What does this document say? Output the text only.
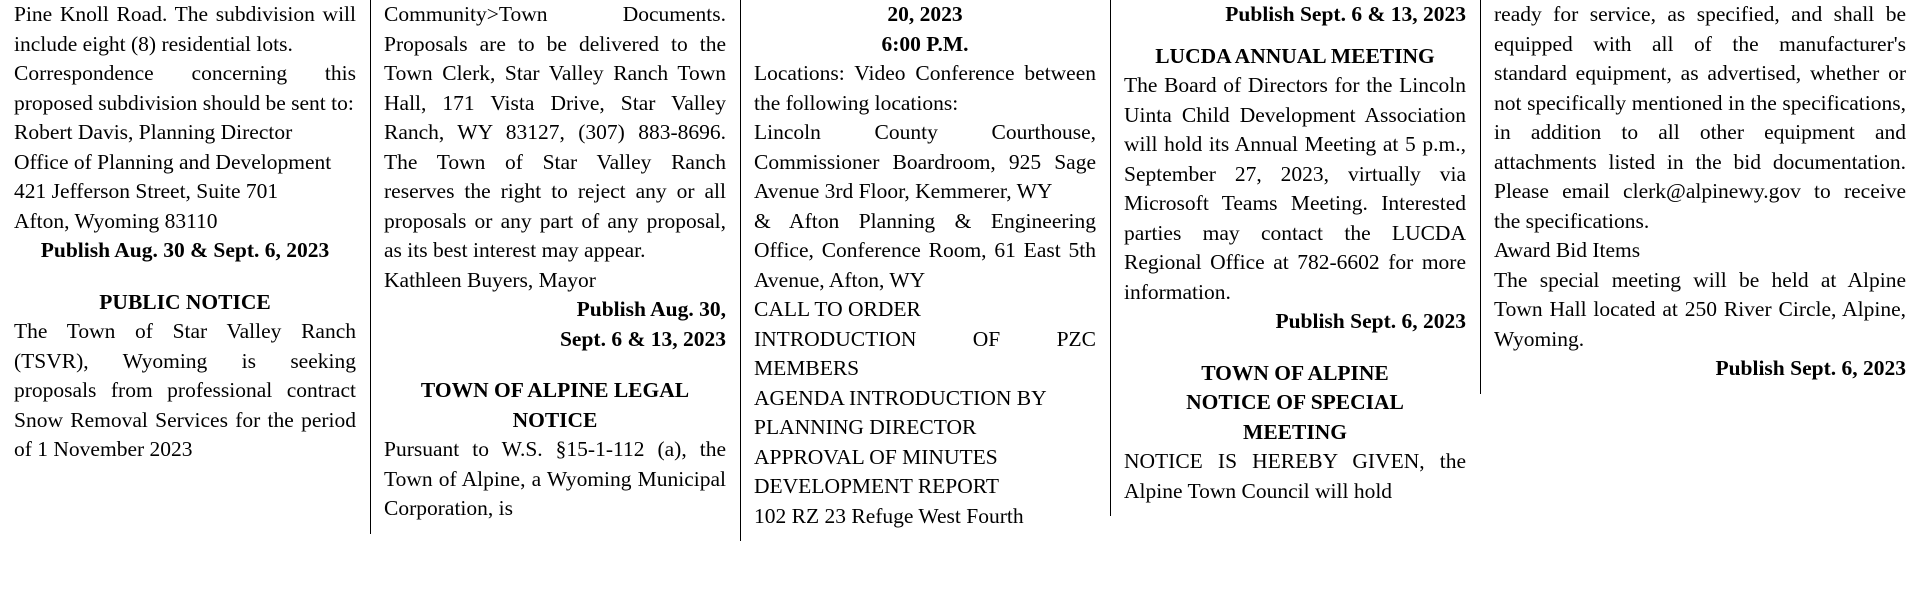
Pine Knoll Road. The subdivision will include eight (8) residential lots.

Correspondence concerning this proposed subdivision should be sent to:

Robert Davis, Planning Director

Office of Planning and Development

421 Jefferson Street, Suite 701

Afton, Wyoming 83110

Publish Aug. 30 & Sept. 6, 2023

PUBLIC NOTICE

The Town of Star Valley Ranch (TSVR), Wyoming is seeking proposals from professional contract Snow Removal Services for the period of 1 November 2023

Community>Town Documents. Proposals are to be delivered to the Town Clerk, Star Valley Ranch Town Hall, 171 Vista Drive, Star Valley Ranch, WY 83127, (307) 883-8696. The Town of Star Valley Ranch reserves the right to reject any or all proposals or any part of any proposal, as its best interest may appear.

Kathleen Buyers, Mayor

Publish Aug. 30,

Sept. 6 & 13, 2023

TOWN OF ALPINE LEGAL

NOTICE

Pursuant to W.S. §15-1-112 (a), the Town of Alpine, a Wyoming Municipal Corporation, is

20, 2023

6:00 P.M.

Locations: Video Conference between the following locations:

Lincoln County Courthouse, Commissioner Boardroom, 925 Sage Avenue 3rd Floor, Kemmerer, WY

& Afton Planning & Engineering Office, Conference Room, 61 East 5th Avenue, Afton, WY

CALL TO ORDER

INTRODUCTION OF PZC MEMBERS

AGENDA INTRODUCTION BY PLANNING DIRECTOR

APPROVAL OF MINUTES

DEVELOPMENT REPORT

102 RZ 23 Refuge West Fourth

Publish Sept. 6 & 13, 2023

LUCDA ANNUAL MEETING

The Board of Directors for the Lincoln Uinta Child Development Association will hold its Annual Meeting at 5 p.m., September 27, 2023, virtually via Microsoft Teams Meeting. Interested parties may contact the LUCDA Regional Office at 782-6602 for more information.

Publish Sept. 6, 2023

TOWN OF ALPINE

NOTICE OF SPECIAL

MEETING

NOTICE IS HEREBY GIVEN, the Alpine Town Council will hold

ready for service, as specified, and shall be equipped with all of the manufacturer's standard equipment, as advertised, whether or not specifically mentioned in the specifications, in addition to all other equipment and attachments listed in the bid documentation. Please email clerk@alpinewy.gov to receive the specifications.

Award Bid Items

The special meeting will be held at Alpine Town Hall located at 250 River Circle, Alpine, Wyoming.

Publish Sept. 6, 2023
